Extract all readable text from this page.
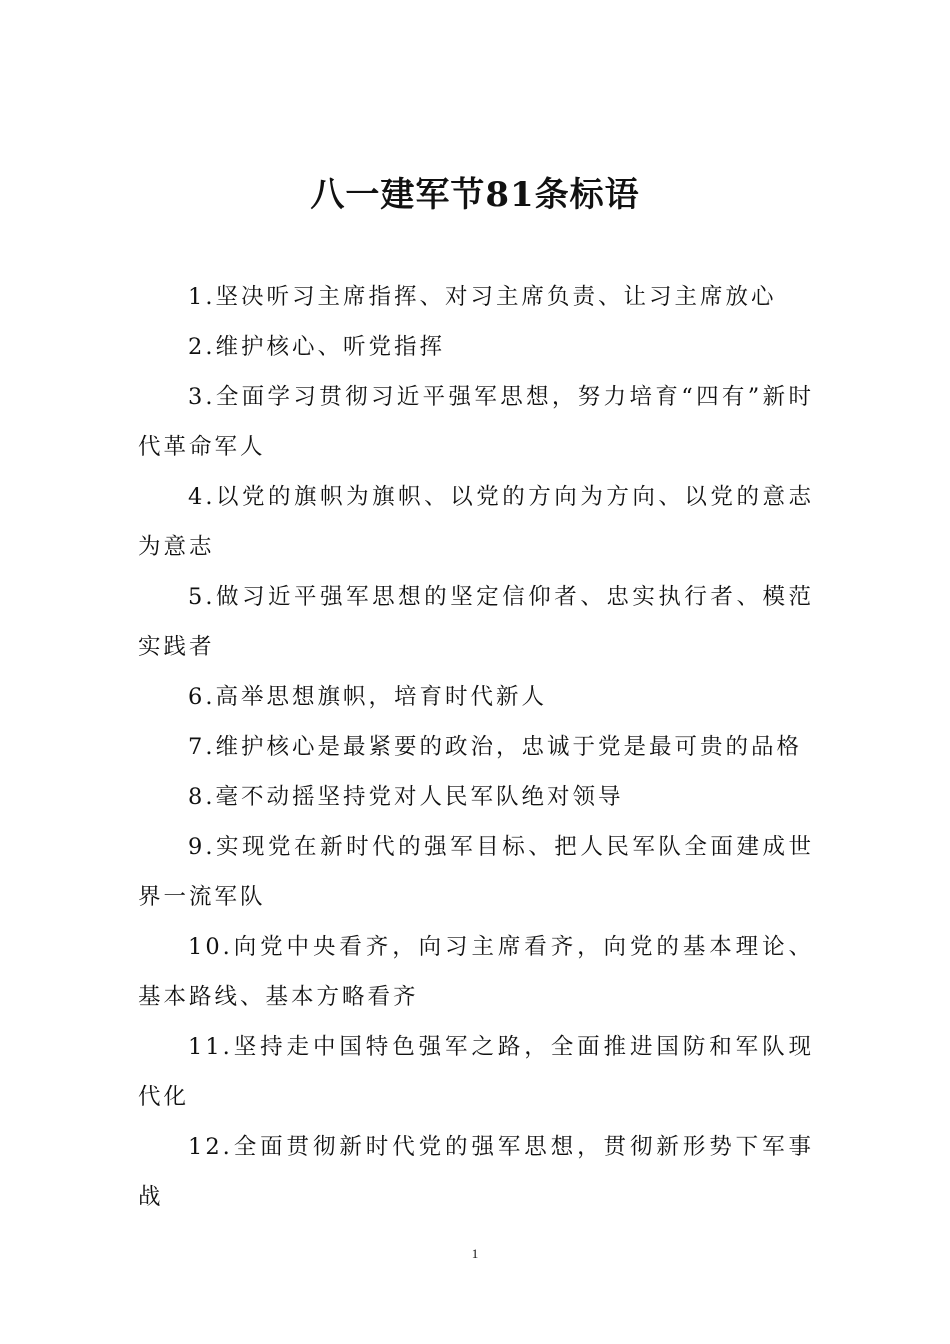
八一建军节81条标语

1.坚决听习主席指挥、对习主席负责、让习主席放心

2.维护核心、听党指挥

3.全面学习贯彻习近平强军思想，努力培育“四有”新时代革命军人

4.以党的旗帜为旗帜、以党的方向为方向、以党的意志为意志

5.做习近平强军思想的坚定信仰者、忠实执行者、模范实践者

6.高举思想旗帜，培育时代新人

7.维护核心是最紧要的政治，忠诚于党是最可贵的品格

8.毫不动摇坚持党对人民军队绝对领导

9.实现党在新时代的强军目标、把人民军队全面建成世界一流军队

10.向党中央看齐，向习主席看齐，向党的基本理论、基本路线、基本方略看齐

11.坚持走中国特色强军之路，全面推进国防和军队现代化

12.全面贯彻新时代党的强军思想，贯彻新形势下军事战

1
